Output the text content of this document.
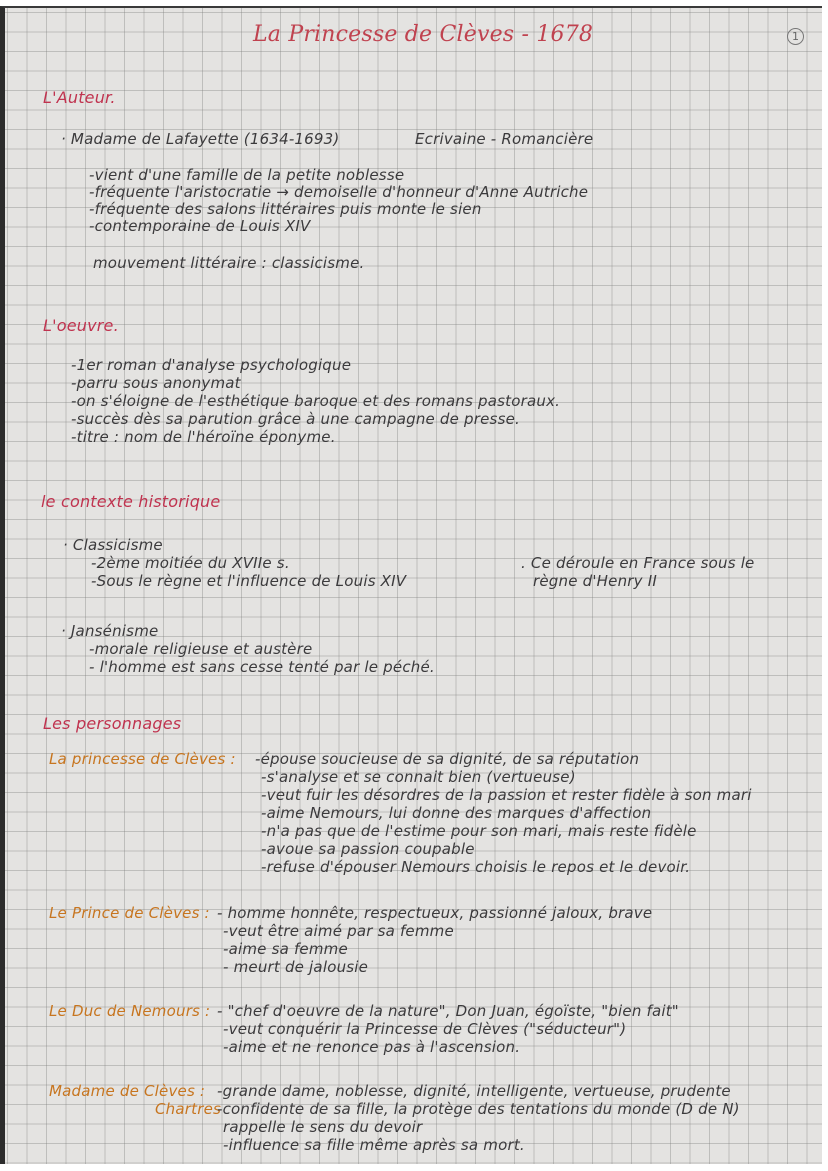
La Princesse de Clèves - 1678	1
L'Auteur.
· Madame de Lafayette (1634-1693)	Ecrivaine - Romancière
-vient d'une famille de la petite noblesse
-fréquente l'aristocratie → demoiselle d'honneur d'Anne Autriche
-fréquente des salons littéraires puis monte le sien
-contemporaine de Louis XIV
mouvement littéraire : classicisme.
L'oeuvre.
-1er roman d'analyse psychologique
-parru sous anonymat
-on s'éloigne de l'esthétique baroque et des romans pastoraux.
-succès dès sa parution grâce à une campagne de presse.
-titre : nom de l'héroïne éponyme.
le contexte historique
· Classicisme
-2ème moitiée du XVIIe s.
-Sous le règne et l'influence de Louis XIV
. Ce déroule en France sous le
règne d'Henry II
· Jansénisme
-morale religieuse et austère
- l'homme est sans cesse tenté par le péché.
Les personnages
La princesse de Clèves : -épouse soucieuse de sa dignité, de sa réputation
-s'analyse et se connait bien (vertueuse)
-veut fuir les désordres de la passion et rester fidèle à son mari
-aime Nemours, lui donne des marques d'affection
-n'a pas que de l'estime pour son mari, mais reste fidèle
-avoue sa passion coupable
-refuse d'épouser Nemours choisis le repos et le devoir.
Le Prince de Clèves : - homme honnête, respectueux, passionné jaloux, brave
-veut être aimé par sa femme
-aime sa femme
- meurt de jalousie
Le Duc de Nemours : - "chef d'oeuvre de la nature", Don Juan, égoïste, "bien fait"
-veut conquérir la Princesse de Clèves ("séducteur")
-aime et ne renonce pas à l'ascension.
Madame de Clèves :
Chartres
-grande dame, noblesse, dignité, intelligente, vertueuse, prudente
-confidente de sa fille, la protège des tentations du monde (D de N)
rappelle le sens du devoir
-influence sa fille même après sa mort.
